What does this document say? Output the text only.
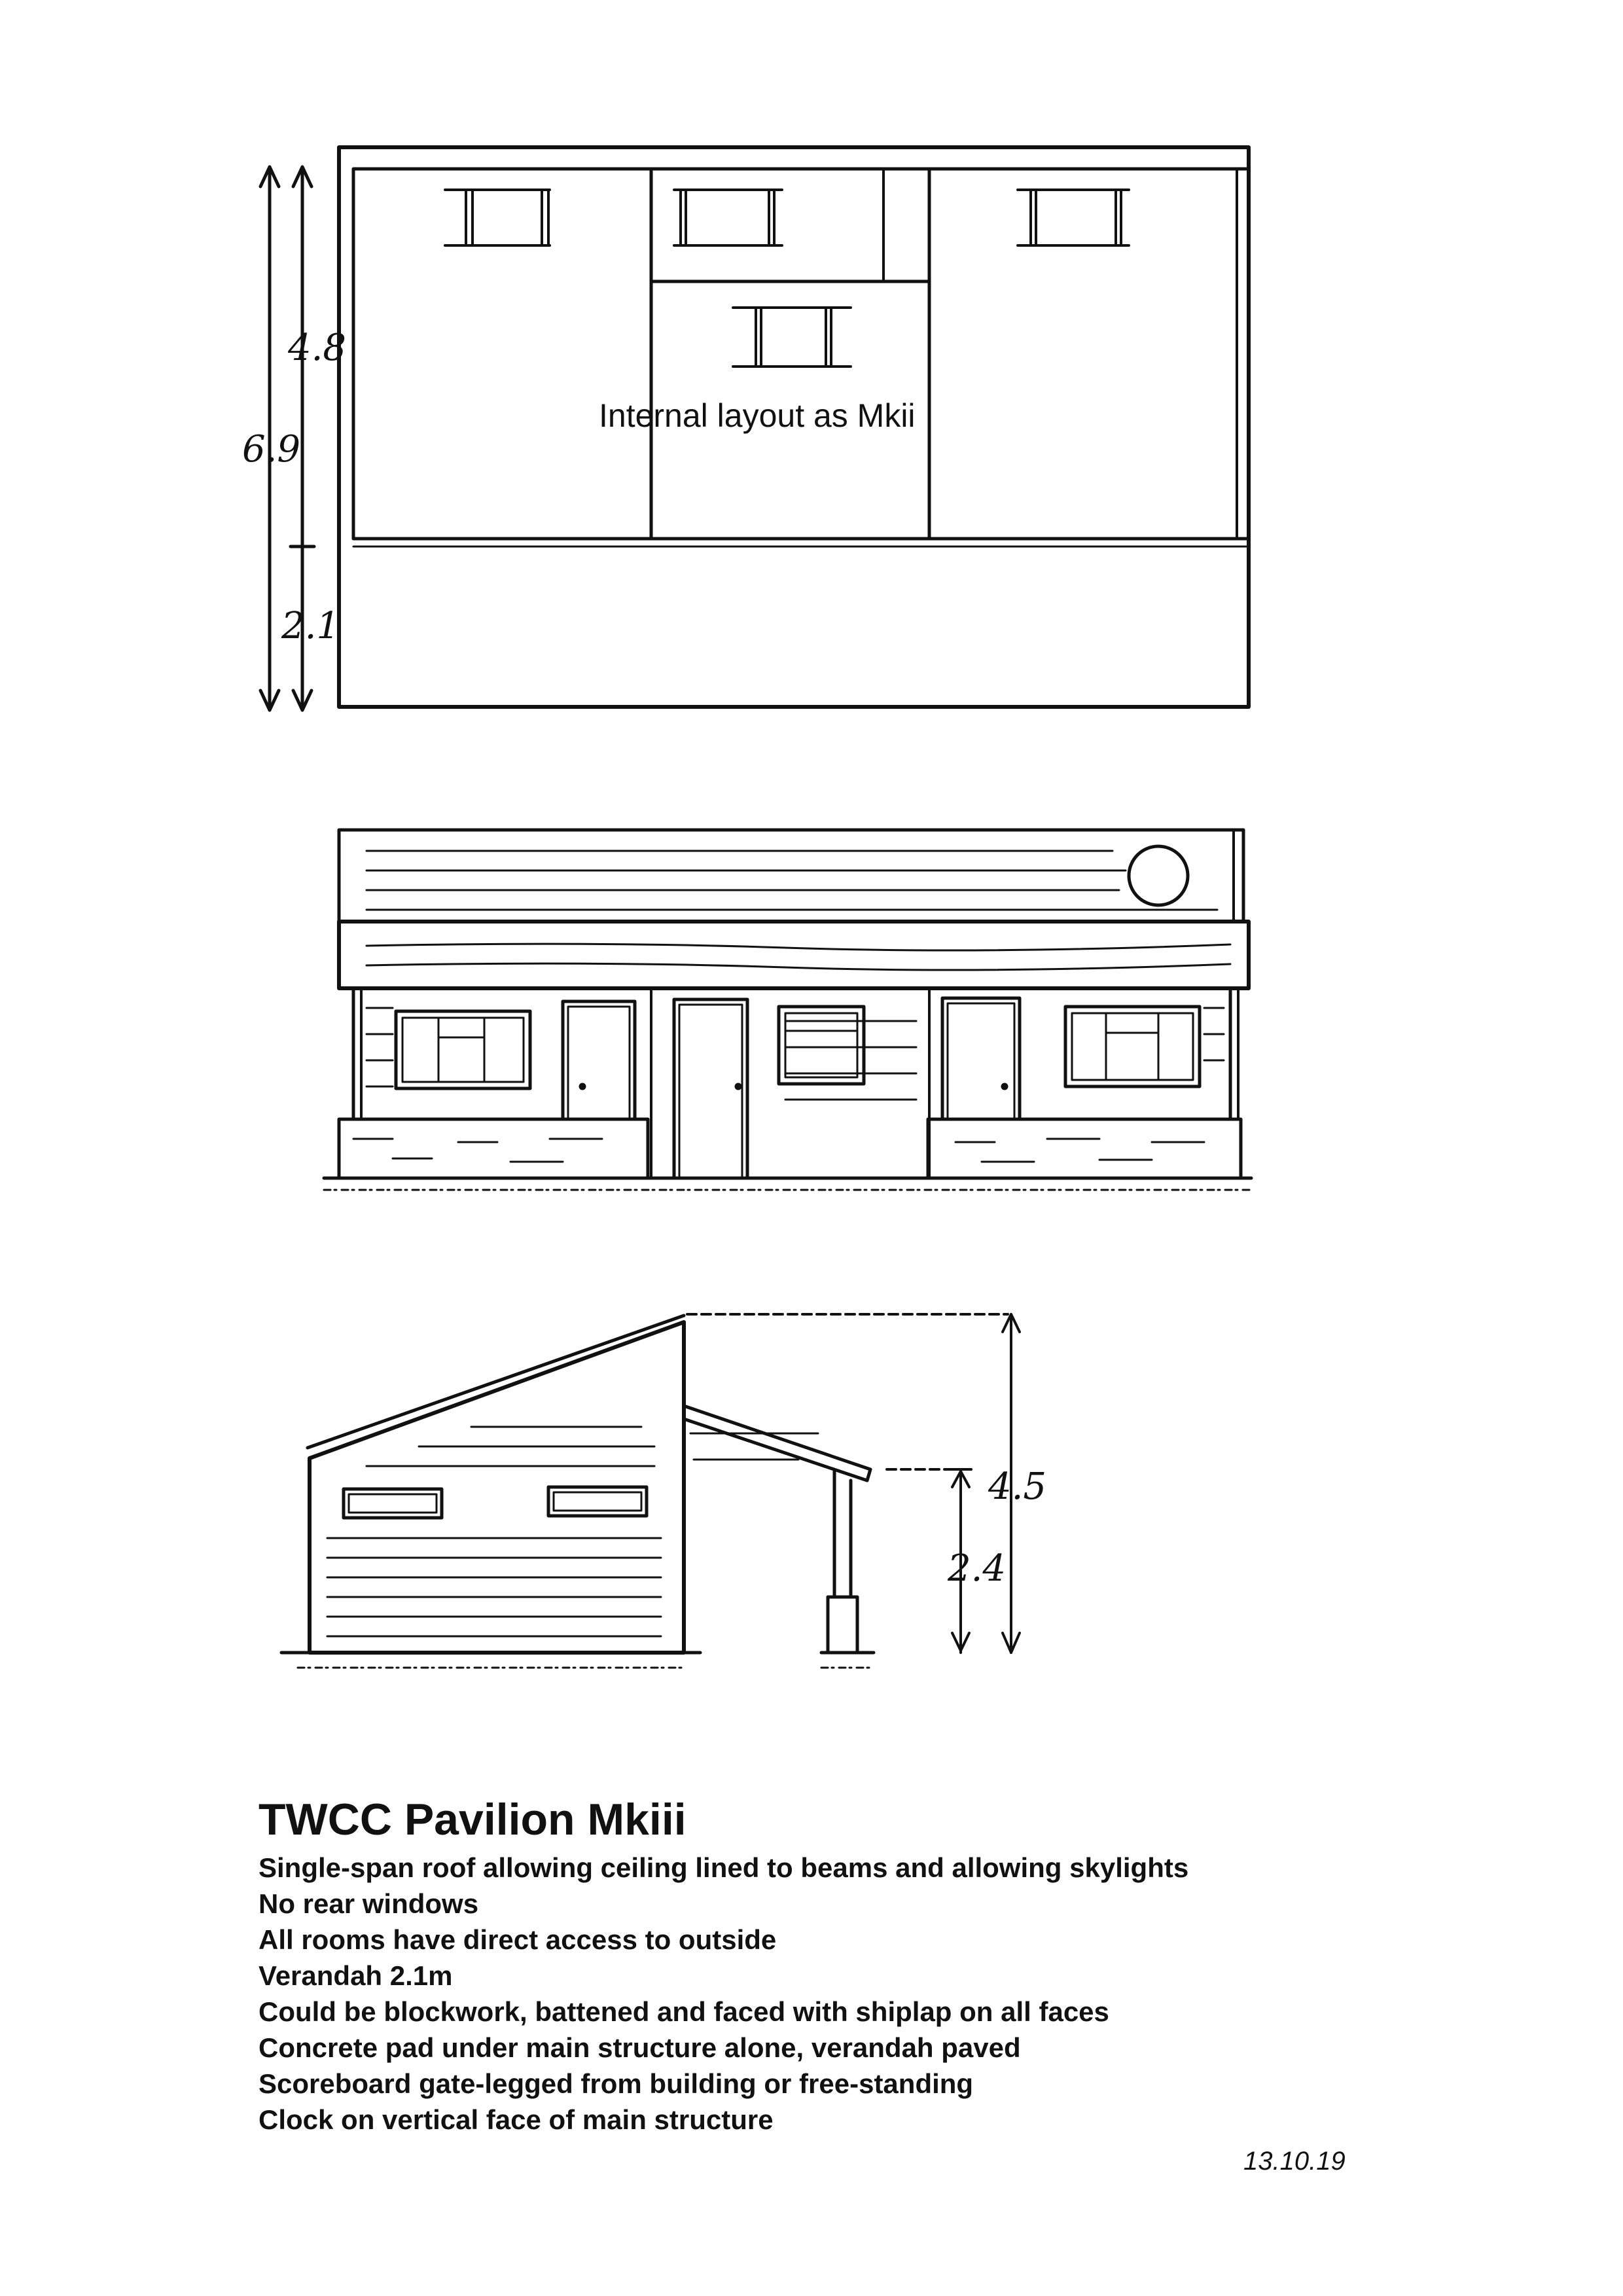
Internal layout as Mkii
4.8
6.9
2.1
4.5
2.4
TWCC Pavilion Mkiii

Single-span roof allowing ceiling lined to beams and allowing skylights

No rear windows

All rooms have direct access to outside

Verandah 2.1m

Could be blockwork, battened and faced with shiplap on all faces

Concrete pad under main structure alone, verandah paved

Scoreboard gate-legged from building or free-standing

Clock on vertical face of main structure

13.10.19
